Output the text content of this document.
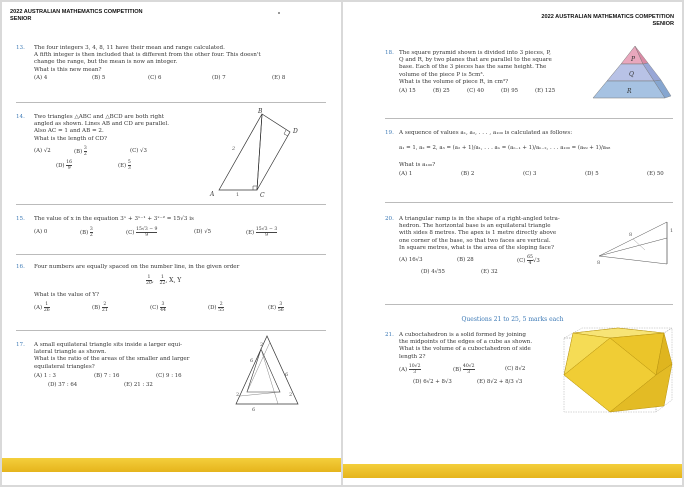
2022 AUSTRALIAN MATHEMATICS COMPETITION
SENIOR
13.	The four integers 3, 4, 8, 11 have their mean and range calculated.
A fifth integer is then included that is different from the other four. This doesn't
change the range, but the mean is now an integer.
What is this new mean?
(A) 4	(B) 5	(C) 6	(D) 7	(E) 8
14.	Two triangles △ABC and △BCD are both right
angled as shown. Lines AB and CD are parallel.
Also AC = 1 and AB = 2.
What is the length of CD?
(A) √2	$(B) \frac{3}{2}$	(C) √3
$(D) \frac{16}{9}$	$(E) \frac{5}{3}$
B
D
A	C
2
1
15.	The value of x in the equation 3ˣ + 3ˣ⁻¹ + 3ˣ⁻² = 15√3 is
(A) 0	$(B) \frac{3}{2}$	$(C) \frac{15√3 - 9}{9}$	(D) √5	$(E) \frac{15√3 - 3}{9}$
16.	Four numbers are equally spaced on the number line, in the given order
$\frac{1}{20}$ , $\frac{1}{22}$ , X, Y
What is the value of Y?
$(A) \frac{1}{26}$	$(B) \frac{2}{21}$	$(C) \frac{3}{44}$	$(D) \frac{2}{55}$	$(E) \frac{3}{56}$
17.	A small equilateral triangle sits inside a larger equi-
lateral triangle as shown.
What is the ratio of the areas of the smaller and larger
equilateral triangles?
(A) 1 : 3	(B) 7 : 16	(C) 9 : 16
(D) 37 : 64	(E) 21 : 32
6
2
6
2
6
2
2022 AUSTRALIAN MATHEMATICS COMPETITION
SENIOR
18. The square pyramid shown is divided into 3 pieces, P,
Q and R, by two planes that are parallel to the square
base. Each of the 3 pieces has the same height. The
volume of the piece P is 5cm³.
What is the volume of piece R, in cm³?
(A) 15	(B) 25	(C) 40	(D) 95	(E) 125
P
Q
R
19. A sequence of values a₁, a₂, . . . , a₁₀₀ is calculated as follows:
a₁ = 1, a₂ = 2, a₃ = (a₂ + 1)/a₁, . . . aₙ = (aₙ₋₁ + 1)/aₙ₋₂, . . . a₁₀₀ = (a₉₉ + 1)/a₉₈
What is a₁₀₀?
(A) 1	(B) 2	(C) 3	(D) 5	(E) 50
20. A triangular ramp is in the shape of a right-angled tetra-
hedron. The horizontal base is an equilateral triangle
with sides 8 metres. The apex is 1 metre directly above
one corner of the base, so that two faces are vertical.
In square metres, what is the area of the sloping face?
(A) 16√3	(B) 28	$(C) \frac{65}{4} √3$
(D) 4√55	(E) 32
8
1
8
Questions 21 to 25, 5 marks each
21. A cuboctahedron is a solid formed by joining
the midpoints of the edges of a cube as shown.
What is the volume of a cuboctahedron of side
length 2?
$(A) \frac{10√2}{3}$	$(B) \frac{40√2}{3}$	(C) 8√2
(D) 6√2 + 8√3	(E) 8√2 + 8/3 √3
